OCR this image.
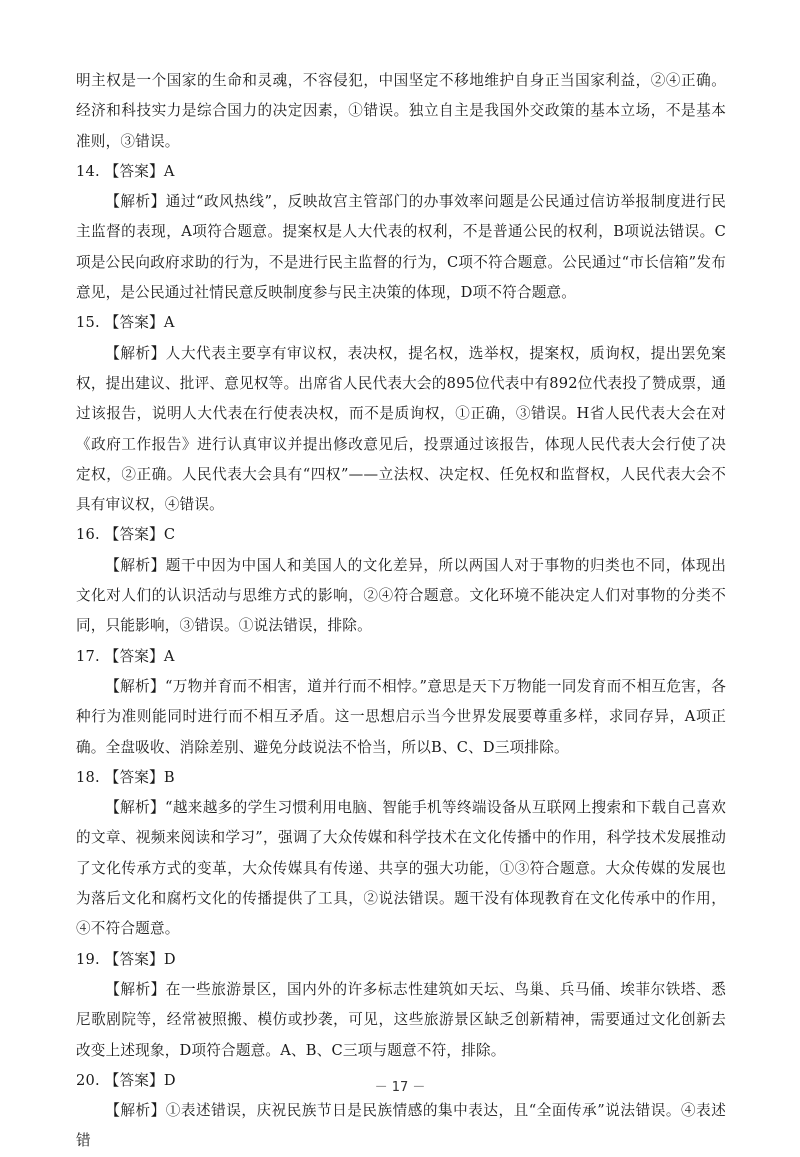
明主权是一个国家的生命和灵魂，不容侵犯，中国坚定不移地维护自身正当国家利益，②④正确。经济和科技实力是综合国力的决定因素，①错误。独立自主是我国外交政策的基本立场，不是基本准则，③错误。

14. 【答案】A

【解析】通过“政风热线”，反映故宫主管部门的办事效率问题是公民通过信访举报制度进行民主监督的表现，A项符合题意。提案权是人大代表的权利，不是普通公民的权利，B项说法错误。C项是公民向政府求助的行为，不是进行民主监督的行为，C项不符合题意。公民通过“市长信箱”发布意见，是公民通过社情民意反映制度参与民主决策的体现，D项不符合题意。

15. 【答案】A

【解析】人大代表主要享有审议权，表决权，提名权，选举权，提案权，质询权，提出罢免案权，提出建议、批评、意见权等。出席省人民代表大会的895位代表中有892位代表投了赞成票，通过该报告，说明人大代表在行使表决权，而不是质询权，①正确，③错误。H省人民代表大会在对《政府工作报告》进行认真审议并提出修改意见后，投票通过该报告，体现人民代表大会行使了决定权，②正确。人民代表大会具有“四权”——立法权、决定权、任免权和监督权，人民代表大会不具有审议权，④错误。

16. 【答案】C

【解析】题干中因为中国人和美国人的文化差异，所以两国人对于事物的归类也不同，体现出文化对人们的认识活动与思维方式的影响，②④符合题意。文化环境不能决定人们对事物的分类不同，只能影响，③错误。①说法错误，排除。

17. 【答案】A

【解析】“万物并育而不相害，道并行而不相悖。”意思是天下万物能一同发育而不相互危害，各种行为准则能同时进行而不相互矛盾。这一思想启示当今世界发展要尊重多样，求同存异，A项正确。全盘吸收、消除差别、避免分歧说法不恰当，所以B、C、D三项排除。

18. 【答案】B

【解析】“越来越多的学生习惯利用电脑、智能手机等终端设备从互联网上搜索和下载自己喜欢的文章、视频来阅读和学习”，强调了大众传媒和科学技术在文化传播中的作用，科学技术发展推动了文化传承方式的变革，大众传媒具有传递、共享的强大功能，①③符合题意。大众传媒的发展也为落后文化和腐朽文化的传播提供了工具，②说法错误。题干没有体现教育在文化传承中的作用，④不符合题意。

19. 【答案】D

【解析】在一些旅游景区，国内外的许多标志性建筑如天坛、鸟巢、兵马俑、埃菲尔铁塔、悉尼歌剧院等，经常被照搬、模仿或抄袭，可见，这些旅游景区缺乏创新精神，需要通过文化创新去改变上述现象，D项符合题意。A、B、C三项与题意不符，排除。

20. 【答案】D

【解析】①表述错误，庆祝民族节日是民族情感的集中表达，且“全面传承”说法错误。④表述错

－ 17 －
